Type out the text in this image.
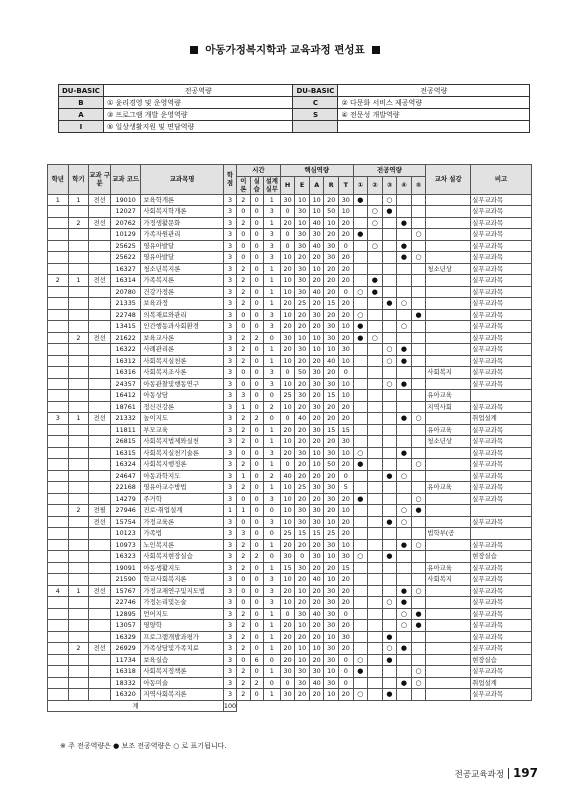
아동가정복지학과 교육과정 편성표
DU-BASIC	전공역량	DU-BASIC	전공역량
B	① 윤리경영 및 운영역량	C	② 다문화 서비스 제공역량
A	③ 프로그램 개발 운영역량	S	④ 전문성 개발역량
I	⑤ 일상생활지원 및 면담역량		
학년	학기	교과 구분	교과 코드	교과목명	학 점	시간			핵심역량					전공역량					교차 설강	비고
						이 론	실 습	설계 실무	H	E	A	R	T	①	②	③	④	⑤		
1	1	전선	19010	보육학개론	3	2	0	1	30	10	10	20	30	●		○				실무교과목
			12027	사회복지학개론	3	0	0	3	0	30	10	50	10		○	●				실무교과목
	2	전선	20762	가정생활문화	3	2	0	1	20	10	40	10	20		○		●			실무교과목
			10129	가족자원관리	3	0	0	3	0	30	30	20	20	●				○		실무교과목
			25625	영유아발달	3	0	0	3	0	30	40	30	0		○		●			실무교과목
			25622	영유아발달	3	0	0	3	10	20	20	30	20				●	○		실무교과목
			16327	청소년복지론	3	2	0	1	20	30	10	20	20						청소년상	실무교과목
2	1	전선	16314	가족복지론	3	2	0	1	10	30	20	20	20		●					실무교과목
			20780	건강가정론	3	2	0	1	10	30	40	20	0	○	●					실무교과목
			21335	보육과정	3	2	0	1	20	25	20	15	20			●	○			실무교과목
			22748	의복재료와관리	3	0	0	3	10	20	30	20	20	○				●		실무교과목
			13415	인간행동과사회환경	3	0	0	3	20	20	20	30	10	●			○			실무교과목
	2	전선	21622	보육교사론	3	2	2	0	30	10	10	30	20	●	○					실무교과목
			16322	사례관리론	3	2	0	1	20	30	10	10	30			○	●			실무교과목
			16312	사회복지실천론	3	2	0	1	10	20	20	40	10			○	●			실무교과목
			16316	사회복지조사론	3	0	0	3	0	50	30	20	0						사회복지	실무교과목
			24357	아동관찰및행동연구	3	0	0	3	10	20	30	30	10			○	●			실무교과목
			16412	아동상담	3	3	0	0	25	30	20	15	10						유아교육	
			18761	정신건강론	3	1	0	2	10	20	30	20	20						지역사회	실무교과목
3	1	전선	21332	놀이지도	3	2	2	0	0	40	20	20	20				●	○		취업설계
			11811	부모교육	3	2	0	1	20	20	30	15	15						유아교육	실무교과목
			26815	사회복지법제와실천	3	2	0	1	10	20	20	20	30						청소년상	실무교과목
			16315	사회복지실천기술론	3	0	0	3	20	30	10	30	10	○			●			실무교과목
			16324	사회복지행정론	3	2	0	1	0	20	10	50	20	●				○		실무교과목
			24647	아동과학지도	3	1	0	2	40	20	20	20	0			●	○			실무교과목
			22168	영유아교수방법	3	2	0	1	10	25	30	30	5						유아교육	실무교과목
			14279	주거학	3	0	0	3	10	20	20	30	20	●				○		실무교과목
	2	전필	27946	진로·취업설계	1	1	0	0	10	30	30	20	10				○	●		
		전선	15754	가정교육론	3	0	0	3	10	30	30	10	20			●	○			실무교과목
			10123	가족법	3	3	0	0	25	15	15	25	20						법학부(공	
			10973	노인복지론	3	2	0	1	20	20	20	30	10				●	○		실무교과목
			16323	사회복지현장실습	3	2	2	0	30	0	30	10	30	○		●				현장실습
			19091	아동생활지도	3	2	0	1	15	30	20	20	15						유아교육	실무교과목
			21590	학교사회복지론	3	0	0	3	10	20	40	10	20						사회복지	실무교과목
4	1	전선	15767	가정교재연구및지도법	3	0	0	3	20	10	20	30	20				●	○		실무교과목
			22746	가정논리및논술	3	0	0	3	10	20	20	30	20			○	●			실무교과목
			12895	언어지도	3	2	0	1	0	30	40	30	0				○	●		실무교과목
			13057	영양학	3	2	0	1	20	10	20	30	20				○	●		실무교과목
			16329	프로그램개발과평가	3	2	0	1	20	20	20	10	30			●				실무교과목
	2	전선	26929	가족상담및가족치료	3	2	0	1	20	10	10	30	20			○	●			실무교과목
			11734	보육실습	3	0	6	0	20	10	20	30	0	○		●				현장실습
			16318	사회복지정책론	3	2	0	1	30	30	30	10	0	●				○		실무교과목
			18332	아동미술	3	2	2	0	0	30	40	30	0				●	○		취업설계
			16320	지역사회복지론	3	2	0	1	30	20	20	10	20	○		●				실무교과목
계					100															
※ 주 전공역량은 ● 보조 전공역량은 ○ 로 표기됩니다.
전공교육과정 197
